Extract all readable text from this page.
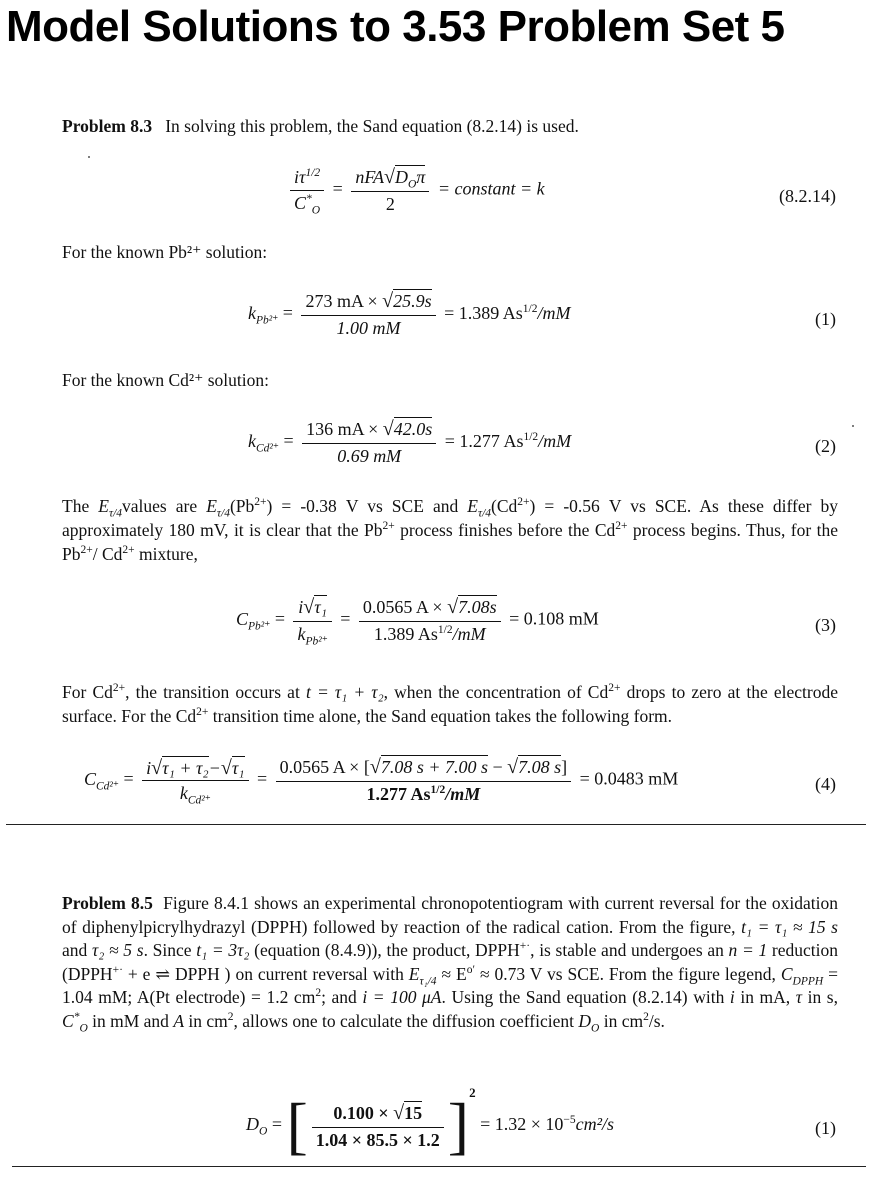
Model Solutions to 3.53 Problem Set 5

Problem 8.3 In solving this problem, the Sand equation (8.2.14) is used.

$\frac{i\tau^{1/2}}{C^*_O} = \frac{nFA√D_O\pi}{2}$ = constant = k	(8.2.14)

For the known Pb²⁺ solution:

$k_{Pb^{2+}} = \frac{273 mA \times √25.9s}{1.00 mM} = 1.389$ $As^{1/2}/mM$	(1)

For the known Cd²⁺ solution:

$k_{Cd^{2+}} = \frac{136 mA \times √42.0s}{0.69 mM} = 1.277$ $As^{1/2}/mM$	(2)

The $E_{\tau/4}values$ are $E_{\tau/4}(Pb^{2+}) = -0.38$ V vs SCE and $E_{\tau/4}(Cd^{2+}) = -0.56$ V vs SCE. As these differ by approximately 180 mV, it is clear that the $Pb^{2+}$ process finishes before the $Cd^{2+}$ process begins. Thus, for the $Pb^{2+}/$ $Cd^{2+}$ mixture,

$C_{Pb^{2+}} = \frac{\text{i√τ₁}}{k_{Pb^{2+}}} = \frac{0.0565 A \times √7.08s}{1.389 As^{1/2}/mM} = 0.108$ mM	(3)

For $Cd^{2+}$, the transition occurs at t = τ₁ + τ₂, when the concentration of $Cd^{2+}$ drops to zero at the electrode surface. For the $Cd^{2+}$ transition time alone, the Sand equation takes the following form.

$C_{Cd^{2+}} = \frac{\text{i√τ₁ + τ₂−√τ₁}}{k_{Cd^{2+}}} = \frac{0.0565 A \times [√7.08 s + 7.00 s - √7.08 s]}{1.277 As^{1/2}/mM} = 0.0483$ mM	(4)

Problem 8.5 Figure 8.4.1 shows an experimental chronopotentiogram with current reversal for the oxidation of diphenylpicrylhydrazyl (DPPH) followed by reaction of the radical cation. From the figure, t₁ = τ₁ ≈ 15 s and τ₂ ≈ 5 s. Since t₁ = 3τ₂ (equation (8.4.9)), the product, DPPH+·, is stable and undergoes an n = 1 reduction (DPPH+· + e ⇌ DPPH ) on current reversal with $E_{\tau_1/4} \approx E^{o'} \approx 0.73$ V vs SCE. From the figure legend, $C_{DPPH} = 1.04$ mM; A(Pt electrode) = 1.2 $cm^2$; and i = 100 μA. Using the Sand equation (8.2.14) with i in mA, τ in s, $C^*_O$ in mM and A in $cm^2$, allows one to calculate the diffusion coefficient $D_O$ in $cm^2/s$.

$D_O$ = [ $\frac{0.100 \times √15}{1.04 \times 85.5 \times 1.2} ]^2 = 1.32 \times 10^{-5}cm^2/s$	(1)
